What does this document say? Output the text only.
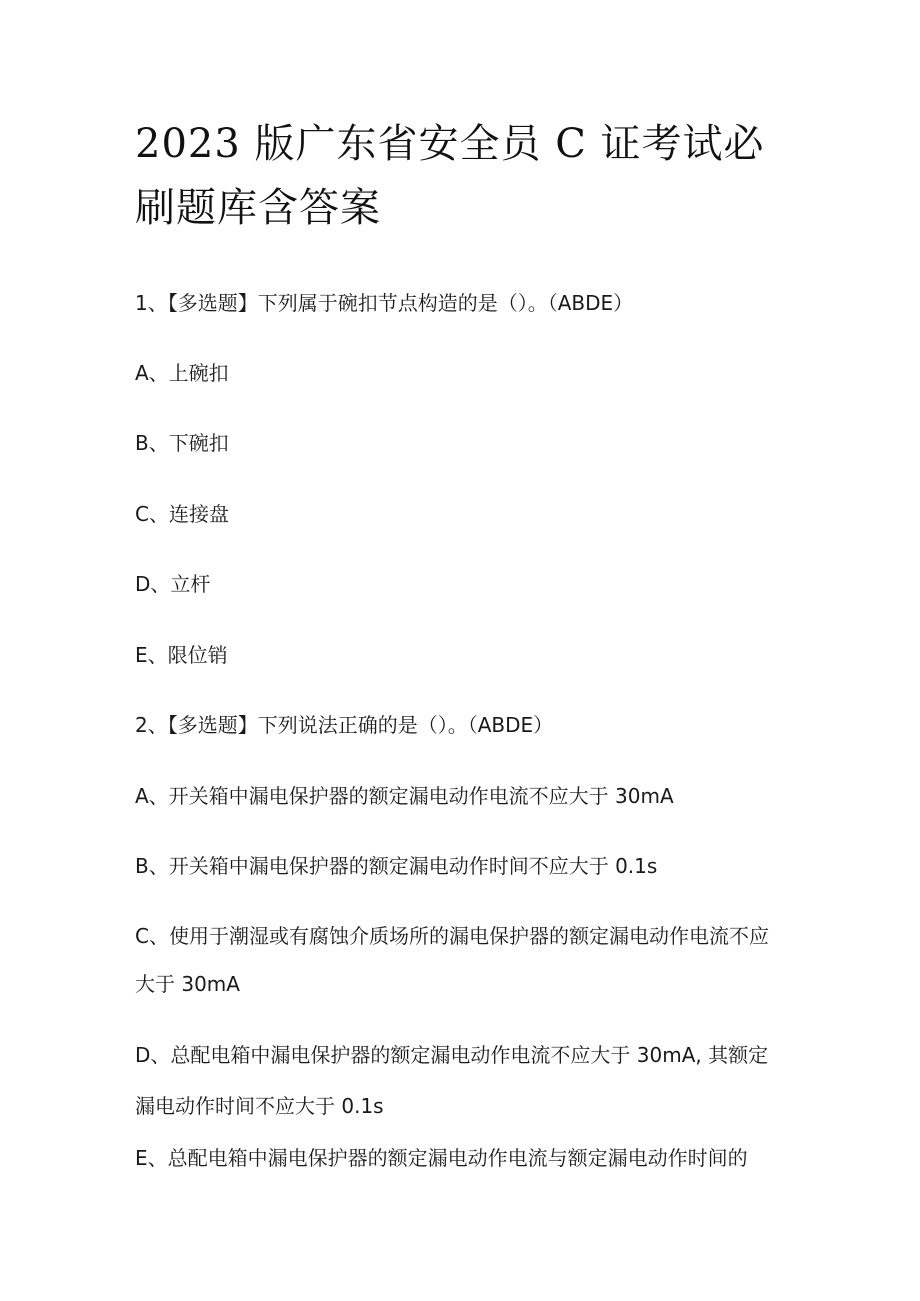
2023 版广东省安全员 C 证考试必
刷题库含答案
1、【多选题】下列属于碗扣节点构造的是（）。（ABDE）
A、上碗扣
B、下碗扣
C、连接盘
D、立杆
E、限位销
2、【多选题】下列说法正确的是（）。（ABDE）
A、开关箱中漏电保护器的额定漏电动作电流不应大于 30mA
B、开关箱中漏电保护器的额定漏电动作时间不应大于 0.1s
C、使用于潮湿或有腐蚀介质场所的漏电保护器的额定漏电动作电流不应
大于 30mA
D、总配电箱中漏电保护器的额定漏电动作电流不应大于 30mA, 其额定
漏电动作时间不应大于 0.1s
E、总配电箱中漏电保护器的额定漏电动作电流与额定漏电动作时间的
